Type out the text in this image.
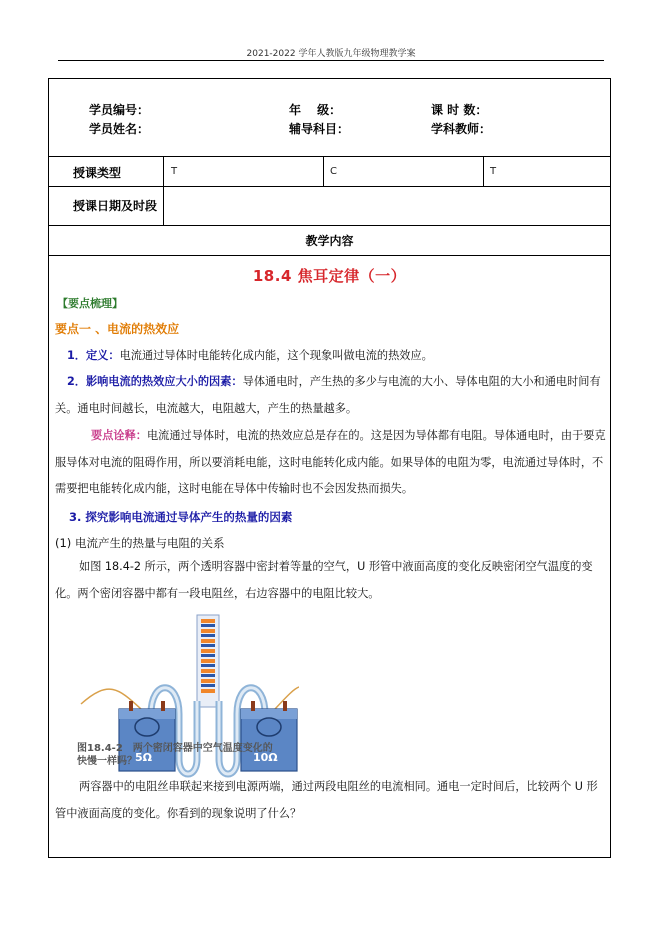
2021-2022 学年人教版九年级物理教学案
学员编号：	年　 级：	课 时 数：
学员姓名：	辅导科目：	学科教师：
授课类型	T	C	T
授课日期及时段
教学内容
18.4 焦耳定律（一）
【要点梳理】
要点一 、电流的热效应
1．定义：电流通过导体时电能转化成内能，这个现象叫做电流的热效应。
2．影响电流的热效应大小的因素：导体通电时，产生热的多少与电流的大小、导体电阻的大小和通电时间有关。通电时间越长，电流越大，电阻越大，产生的热量越多。
要点诠释：电流通过导体时，电流的热效应总是存在的。这是因为导体都有电阻。导体通电时，由于要克服导体对电流的阻碍作用，所以要消耗电能，这时电能转化成内能。如果导体的电阻为零，电流通过导体时，不需要把电能转化成内能，这时电能在导体中传输时也不会因发热而损失。
3. 探究影响电流通过导体产生的热量的因素
(1) 电流产生的热量与电阻的关系
如图 18.4-2 所示，两个透明容器中密封着等量的空气，U 形管中液面高度的变化反映密闭空气温度的变化。两个密闭容器中都有一段电阻丝，右边容器中的电阻比较大。
5Ω	10Ω
图18.4-2　两个密闭容器中空气温度变化的快慢一样吗？
两容器中的电阻丝串联起来接到电源两端，通过两段电阻丝的电流相同。通电一定时间后，比较两个 U 形管中液面高度的变化。你看到的现象说明了什么？
